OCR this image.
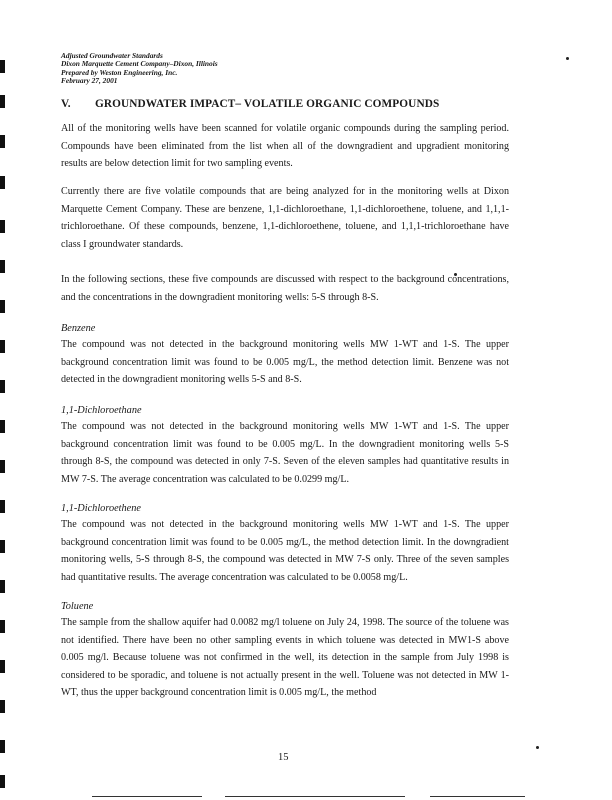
Adjusted Groundwater Standards
Dixon Marquette Cement Company–Dixon, Illinois
Prepared by Weston Engineering, Inc.
February 27, 2001
V. GROUNDWATER IMPACT– VOLATILE ORGANIC COMPOUNDS

All of the monitoring wells have been scanned for volatile organic compounds during the sampling period. Compounds have been eliminated from the list when all of the downgradient and upgradient monitoring results are below detection limit for two sampling events.

Currently there are five volatile compounds that are being analyzed for in the monitoring wells at Dixon Marquette Cement Company. These are benzene, 1,1-dichloroethane, 1,1-dichloroethene, toluene, and 1,1,1-trichloroethane. Of these compounds, benzene, 1,1-dichloroethene, toluene, and 1,1,1-trichloroethane have class I groundwater standards.

In the following sections, these five compounds are discussed with respect to the background concentrations, and the concentrations in the downgradient monitoring wells: 5-S through 8-S.

Benzene

The compound was not detected in the background monitoring wells MW 1-WT and 1-S. The upper background concentration limit was found to be 0.005 mg/L, the method detection limit. Benzene was not detected in the downgradient monitoring wells 5-S and 8-S.

1,1-Dichloroethane

The compound was not detected in the background monitoring wells MW 1-WT and 1-S. The upper background concentration limit was found to be 0.005 mg/L. In the downgradient monitoring wells 5-S through 8-S, the compound was detected in only 7-S. Seven of the eleven samples had quantitative results in MW 7-S. The average concentration was calculated to be 0.0299 mg/L.

1,1-Dichloroethene

The compound was not detected in the background monitoring wells MW 1-WT and 1-S. The upper background concentration limit was found to be 0.005 mg/L, the method detection limit. In the downgradient monitoring wells, 5-S through 8-S, the compound was detected in MW 7-S only. Three of the seven samples had quantitative results. The average concentration was calculated to be 0.0058 mg/L.

Toluene

The sample from the shallow aquifer had 0.0082 mg/l toluene on July 24, 1998. The source of the toluene was not identified. There have been no other sampling events in which toluene was detected in MW1-S above 0.005 mg/l. Because toluene was not confirmed in the well, its detection in the sample from July 1998 is considered to be sporadic, and toluene is not actually present in the well. Toluene was not detected in MW 1-WT, thus the upper background concentration limit is 0.005 mg/L, the method

15
